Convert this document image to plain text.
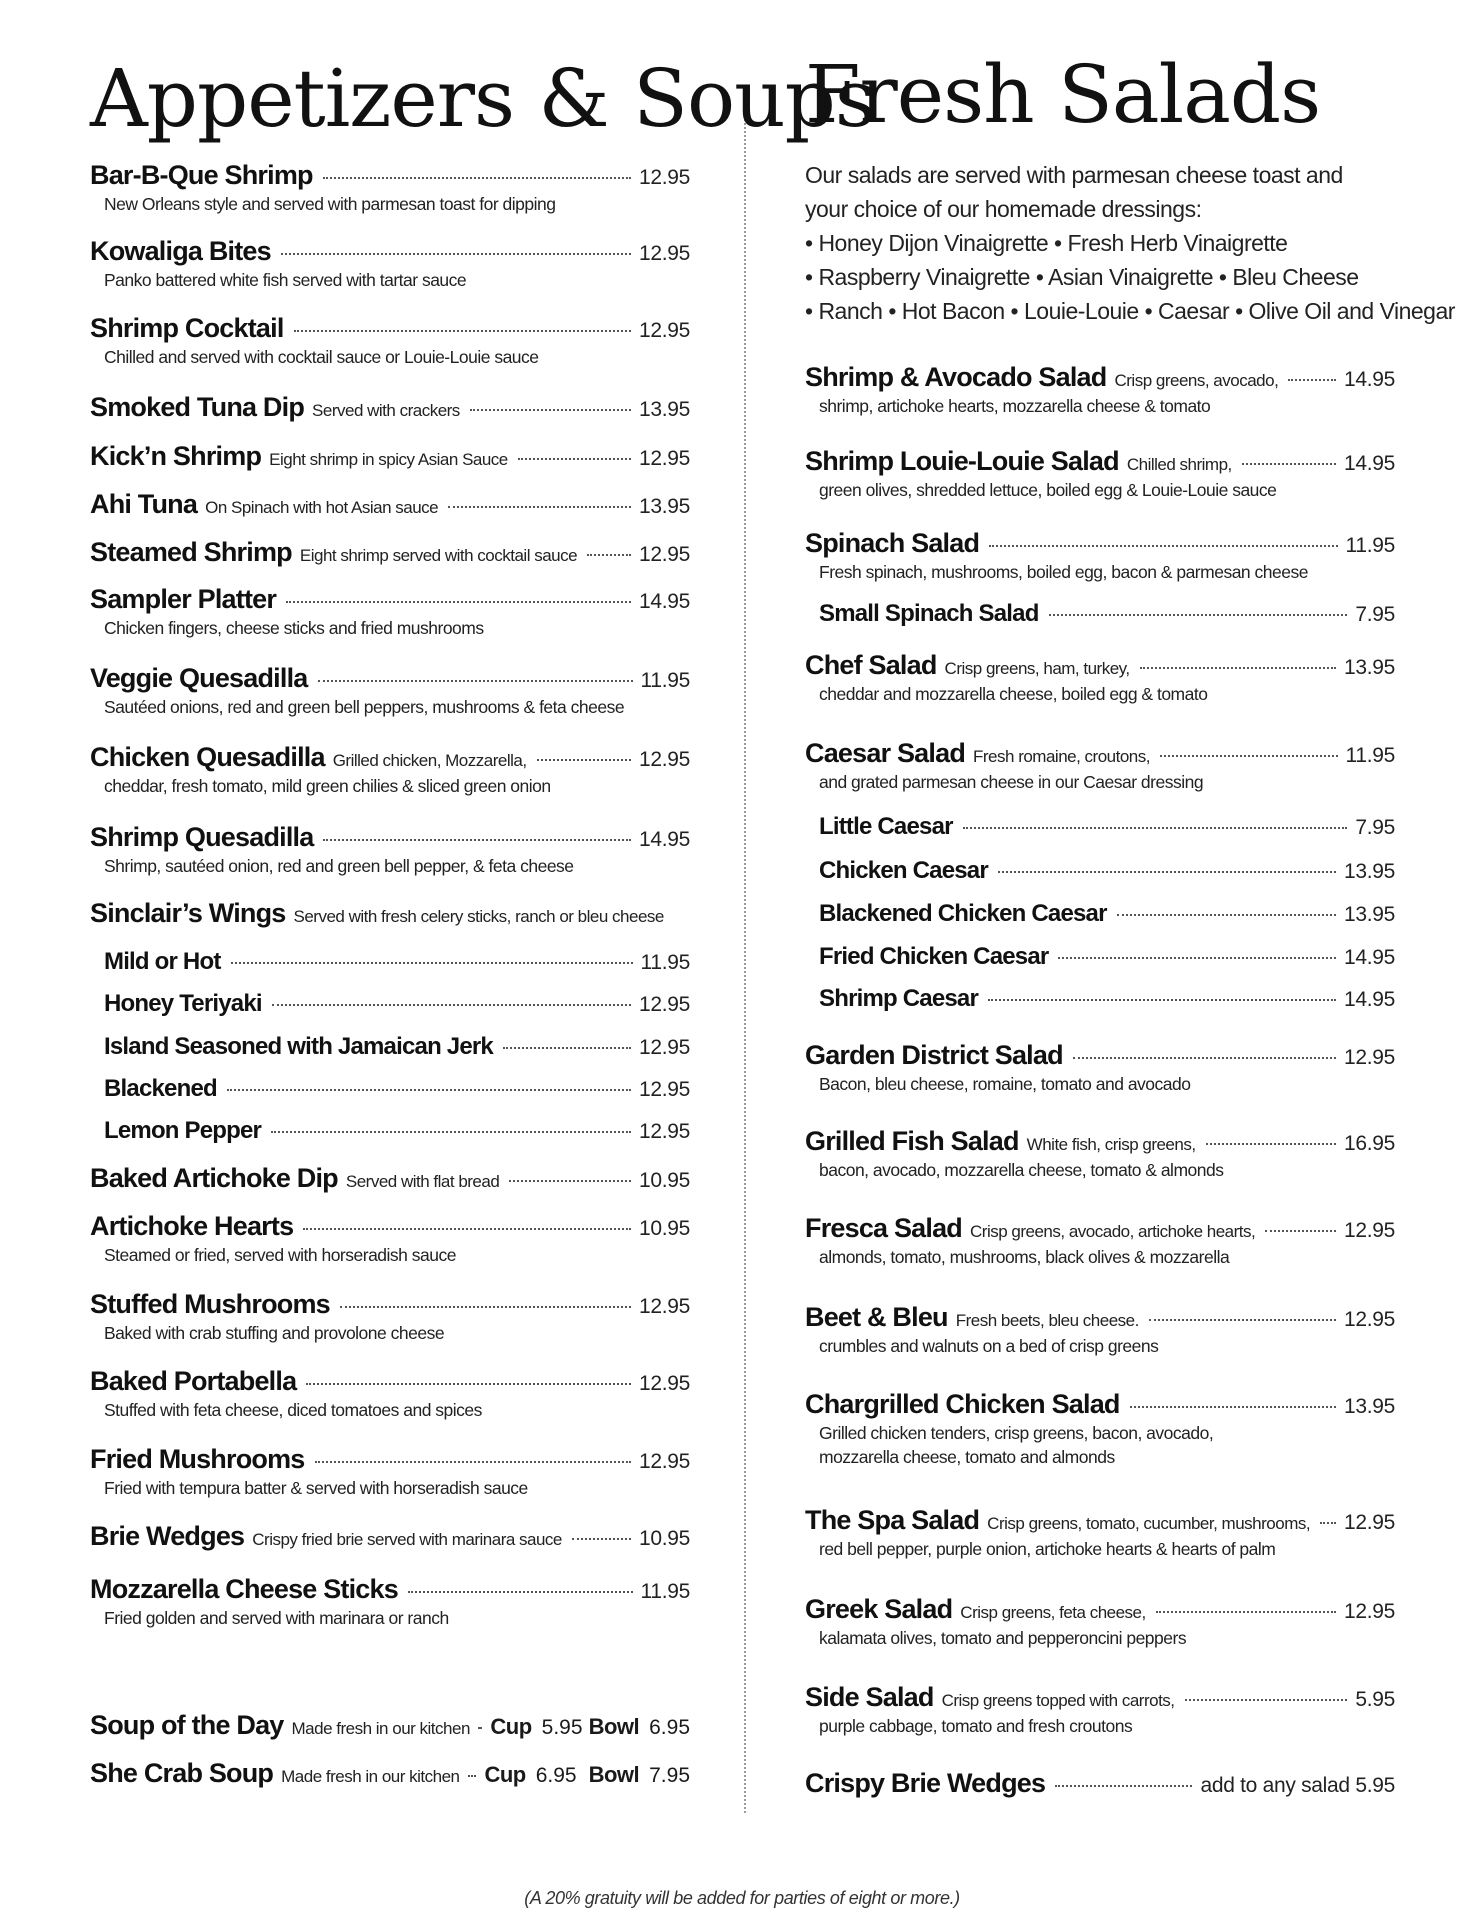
Appetizers & Soups
Bar-B-Que Shrimp	12.95
New Orleans style and served with parmesan toast for dipping
Kowaliga Bites	12.95
Panko battered white fish served with tartar sauce
Shrimp Cocktail	12.95
Chilled and served with cocktail sauce or Louie-Louie sauce
Smoked Tuna Dip Served with crackers	13.95
Kick’n Shrimp Eight shrimp in spicy Asian Sauce	12.95
Ahi Tuna On Spinach with hot Asian sauce	13.95
Steamed Shrimp Eight shrimp served with cocktail sauce	12.95
Sampler Platter	14.95
Chicken fingers, cheese sticks and fried mushrooms
Veggie Quesadilla	11.95
Sautéed onions, red and green bell peppers, mushrooms & feta cheese
Chicken Quesadilla Grilled chicken, Mozzarella,	12.95
cheddar, fresh tomato, mild green chilies & sliced green onion
Shrimp Quesadilla	14.95
Shrimp, sautéed onion, red and green bell pepper, & feta cheese
Sinclair’s Wings Served with fresh celery sticks, ranch or bleu cheese
Mild or Hot	11.95
Honey Teriyaki	12.95
Island Seasoned with Jamaican Jerk	12.95
Blackened	12.95
Lemon Pepper	12.95
Baked Artichoke Dip Served with flat bread	10.95
Artichoke Hearts	10.95
Steamed or fried, served with horseradish sauce
Stuffed Mushrooms	12.95
Baked with crab stuffing and provolone cheese
Baked Portabella	12.95
Stuffed with feta cheese, diced tomatoes and spices
Fried Mushrooms	12.95
Fried with tempura batter & served with horseradish sauce
Brie Wedges Crispy fried brie served with marinara sauce	10.95
Mozzarella Cheese Sticks	11.95
Fried golden and served with marinara or ranch
Soup of the Day Made fresh in our kitchen Cup 5.95 Bowl 6.95
She Crab Soup Made fresh in our kitchen Cup 6.95 Bowl 7.95
Fresh Salads
Our salads are served with parmesan cheese toast and
your choice of our homemade dressings:
• Honey Dijon Vinaigrette • Fresh Herb Vinaigrette
• Raspberry Vinaigrette • Asian Vinaigrette • Bleu Cheese
• Ranch • Hot Bacon • Louie-Louie • Caesar • Olive Oil and Vinegar
Shrimp & Avocado Salad Crisp greens, avocado,	14.95
shrimp, artichoke hearts, mozzarella cheese & tomato
Shrimp Louie-Louie Salad Chilled shrimp,	14.95
green olives, shredded lettuce, boiled egg & Louie-Louie sauce
Spinach Salad	11.95
Fresh spinach, mushrooms, boiled egg, bacon & parmesan cheese
Small Spinach Salad	7.95
Chef Salad Crisp greens, ham, turkey,	13.95
cheddar and mozzarella cheese, boiled egg & tomato
Caesar Salad Fresh romaine, croutons,	11.95
and grated parmesan cheese in our Caesar dressing
Little Caesar	7.95
Chicken Caesar	13.95
Blackened Chicken Caesar	13.95
Fried Chicken Caesar	14.95
Shrimp Caesar	14.95
Garden District Salad	12.95
Bacon, bleu cheese, romaine, tomato and avocado
Grilled Fish Salad White fish, crisp greens,	16.95
bacon, avocado, mozzarella cheese, tomato & almonds
Fresca Salad Crisp greens, avocado, artichoke hearts,	12.95
almonds, tomato, mushrooms, black olives & mozzarella
Beet & Bleu Fresh beets, bleu cheese.	12.95
crumbles and walnuts on a bed of crisp greens
Chargrilled Chicken Salad	13.95
Grilled chicken tenders, crisp greens, bacon, avocado,
mozzarella cheese, tomato and almonds
The Spa Salad Crisp greens, tomato, cucumber, mushrooms, 12.95
red bell pepper, purple onion, artichoke hearts & hearts of palm
Greek Salad Crisp greens, feta cheese,	12.95
kalamata olives, tomato and pepperoncini peppers
Side Salad Crisp greens topped with carrots,	5.95
purple cabbage, tomato and fresh croutons
Crispy Brie Wedges	add to any salad 5.95
(A 20% gratuity will be added for parties of eight or more.)
